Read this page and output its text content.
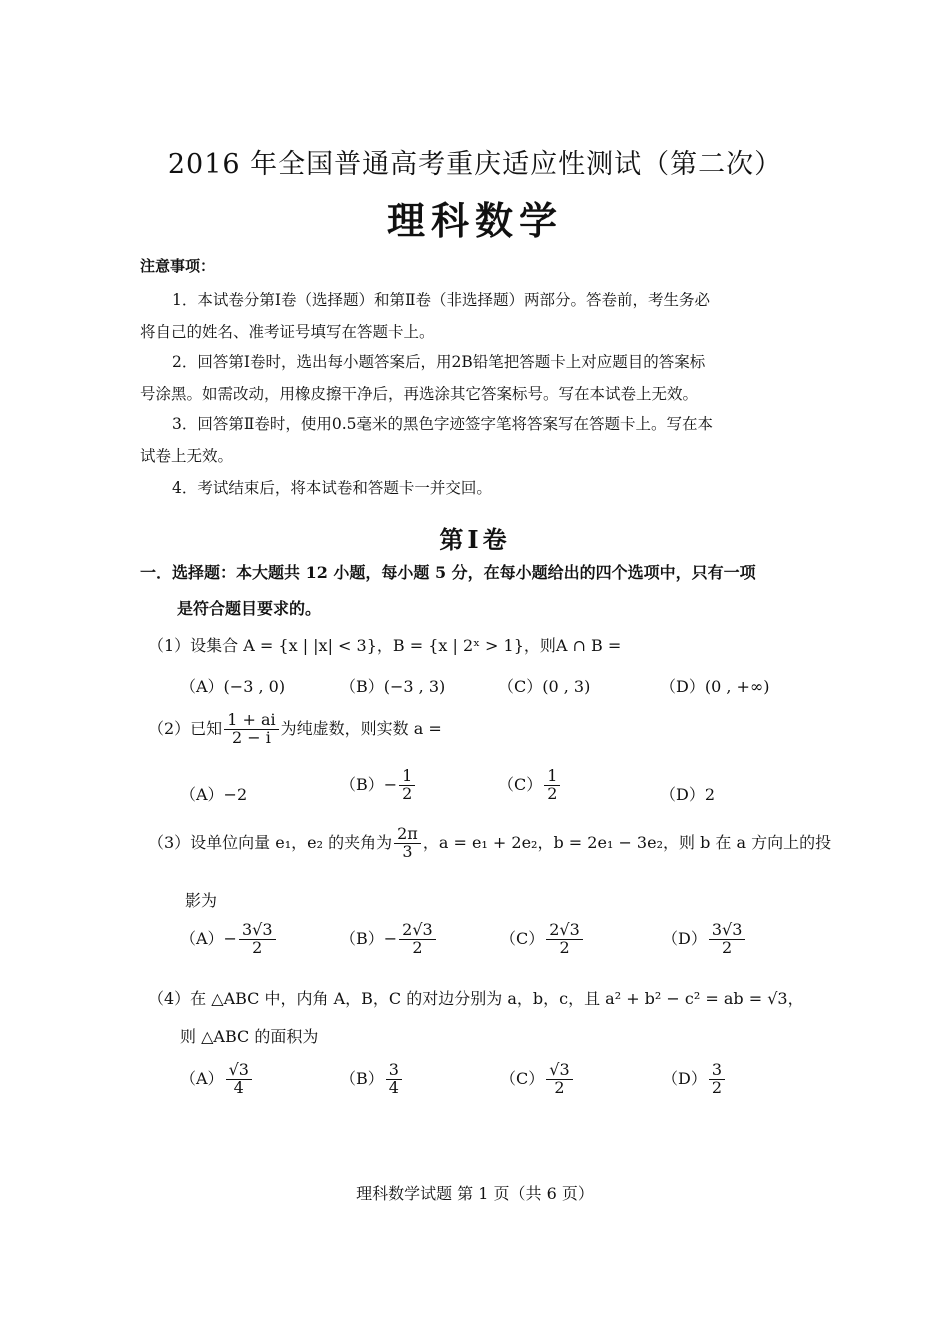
2016 年全国普通高考重庆适应性测试（第二次）
理科数学
注意事项：
1．本试卷分第Ⅰ卷（选择题）和第Ⅱ卷（非选择题）两部分。答卷前，考生务必
将自己的姓名、准考证号填写在答题卡上。
2．回答第Ⅰ卷时，选出每小题答案后，用2B铅笔把答题卡上对应题目的答案标
号涂黑。如需改动，用橡皮擦干净后，再选涂其它答案标号。写在本试卷上无效。
3．回答第Ⅱ卷时，使用0.5毫米的黑色字迹签字笔将答案写在答题卡上。写在本
试卷上无效。
4．考试结束后，将本试卷和答题卡一并交回。
第Ⅰ卷
一．选择题：本大题共 12 小题，每小题 5 分，在每小题给出的四个选项中，只有一项
是符合题目要求的。
（1）设集合 A = {x | |x| < 3}，B = {x | 2ˣ > 1}，则A ∩ B =
（A）(−3 , 0)	（B）(−3 , 3)	（C）(0 , 3)	（D）(0 , +∞)
（2）已知 $\frac{1 + ai}{2 - i}$ 为纯虚数，则实数 a =
（A）−2
$(B)- \frac{1}{2}$	$(C) \frac{1}{2}$	（D）2
（3）设单位向量 e₁，e₂ 的夹角为 $\frac{2\pi}{3}$ ，a = e₁ + 2e₂，b = 2e₁ − 3e₂，则 b 在 a 方向上的投
影为
$(A)- \frac{3√3}{2}$	$(B)- \frac{2√3}{2}$	$(C) \frac{2√3}{2}$	$(D) \frac{3√3}{2}$
（4）在 △ABC 中，内角 A，B，C 的对边分别为 a，b，c，且 a² + b² − c² = ab = √3，
则 △ABC 的面积为
$(A) \frac{√3}{4}$	$(B) \frac{3}{4}$	$(C) \frac{√3}{2}$	$(D) \frac{3}{2}$
理科数学试题 第 1 页（共 6 页）
